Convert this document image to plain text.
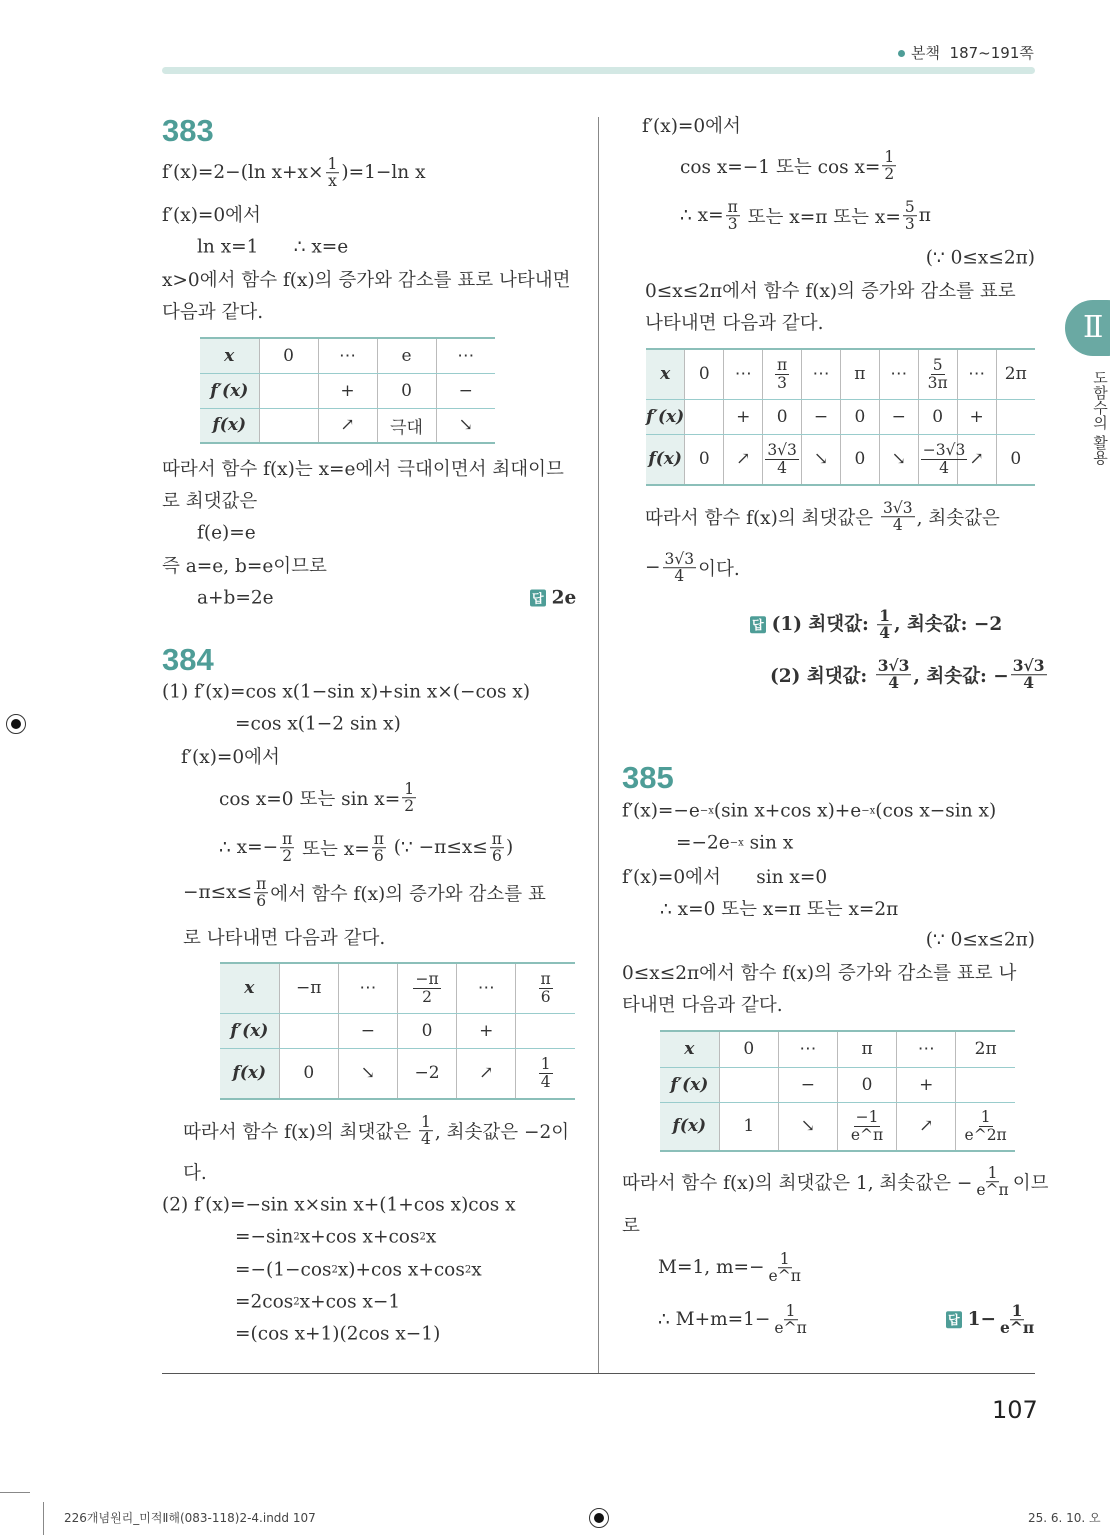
본책 187~191쪽
Ⅱ
도함수의 활용
107
383
f′(x)=2−(ln $x+x\times \frac{1}{x} )=1-\ln$ x
f′(x)=0에서
ln x=1      ∴ x=e
x>0에서 함수 f(x)의 증가와 감소를 표로 나타내면
다음과 같다.
x	0	⋯	e	⋯
f′(x)		+	0	−
f(x)		↗	극대	↘
따라서 함수 f(x)는 x=e에서 극대이면서 최대이므
로 최댓값은
f(e)=e
즉 a=e, b=e이므로
a+b=2e	답 2e
384
(1) f′(x)=cos x(1−sin x)+sin x×(−cos x)
=cos x(1−2 sin x)
f′(x)=0에서
cos x=0 또는 $\sin x= \frac{1}{2}$
∴ $x=- \frac{\pi}{2}$ 또는 $x= \frac{\pi}{6}$ (∵ $-\pi\le x\le \frac{\pi}{6}$ )
$-\pi\le x\le \frac{\pi}{6}$ 에서 함수 f(x)의 증가와 감소를 표
로 나타내면 다음과 같다.
x	−π	⋯	$\frac{-\pi}{2}$	⋯	$\frac{\pi}{6}$

f′(x)		−	0	+	
f(x)	0	↘	−2	↗	$\frac{1}{4}$
따라서 함수 f(x)의 최댓값은 $\frac{1}{4}$ , 최솟값은 −2이
다.
(2) f′(x)=−sin x×sin x+(1+cos x)cos x
=−sin 2 x+cos x+cos 2 x
=−(1−cos 2 x)+cos x+cos 2 x
=2cos 2 x+cos x−1
=(cos x+1)(2cos x−1)
f′(x)=0에서
cos x=−1 또는 $\cos x= \frac{1}{2}$
∴ $x= \frac{\pi}{3}$ 또는 x=π 또는 $x= \frac{5}{3}$ π
(∵ 0≤x≤2π)
0≤x≤2π에서 함수 f(x)의 증가와 감소를 표로
나타내면 다음과 같다.
x	0	⋯	$\frac{\pi}{3}$	⋯	π	⋯	$\frac{5}{3\pi}$	⋯	2π
f′(x)		+	0	−	0	−	0	+	
f(x)	0	↗	$\frac{3√3}{4}$	↘	0	↘	$\frac{-3√3}{4}$	↗	0
따라서 함수 f(x)의 최댓값은 $\frac{3√3}{4}$ , 최솟값은
− $\frac{3√3}{4}$ 이다.
답 (1) 최댓값: $\frac{1}{4}$ , 최솟값: −2
(2) 최댓값: $\frac{3√3}{4}$ , 최솟값: − $\frac{3√3}{4}$
385
f′(x)=−e −x (sin x+cos x)+e −x (cos x−sin x)
=−2e −x sin x
f′(x)=0에서      sin x=0
∴ x=0 또는 x=π 또는 x=2π
(∵ 0≤x≤2π)
0≤x≤2π에서 함수 f(x)의 증가와 감소를 표로 나
타내면 다음과 같다.
x	0	⋯	π	⋯	2π
f′(x)		−	0	+	
f(x)	1	↘	$\frac{-1}{e\^{}\pi}$	↗	$\frac{1}{e\^{}2\pi}$
따라서 함수 f(x)의 최댓값은 1, 최솟값은 − $\frac{1}{e\^{}\pi}$ 이므
로
M=1, $m=- \frac{1}{e\^{}\pi}$
∴ $M+m=1- \frac{1}{e\^{}\pi}$	답 $1- \frac{1}{e\^{}\pi}$
226개념원리_미적Ⅱ해(083-118)2-4.indd 107	25. 6. 10. 오
